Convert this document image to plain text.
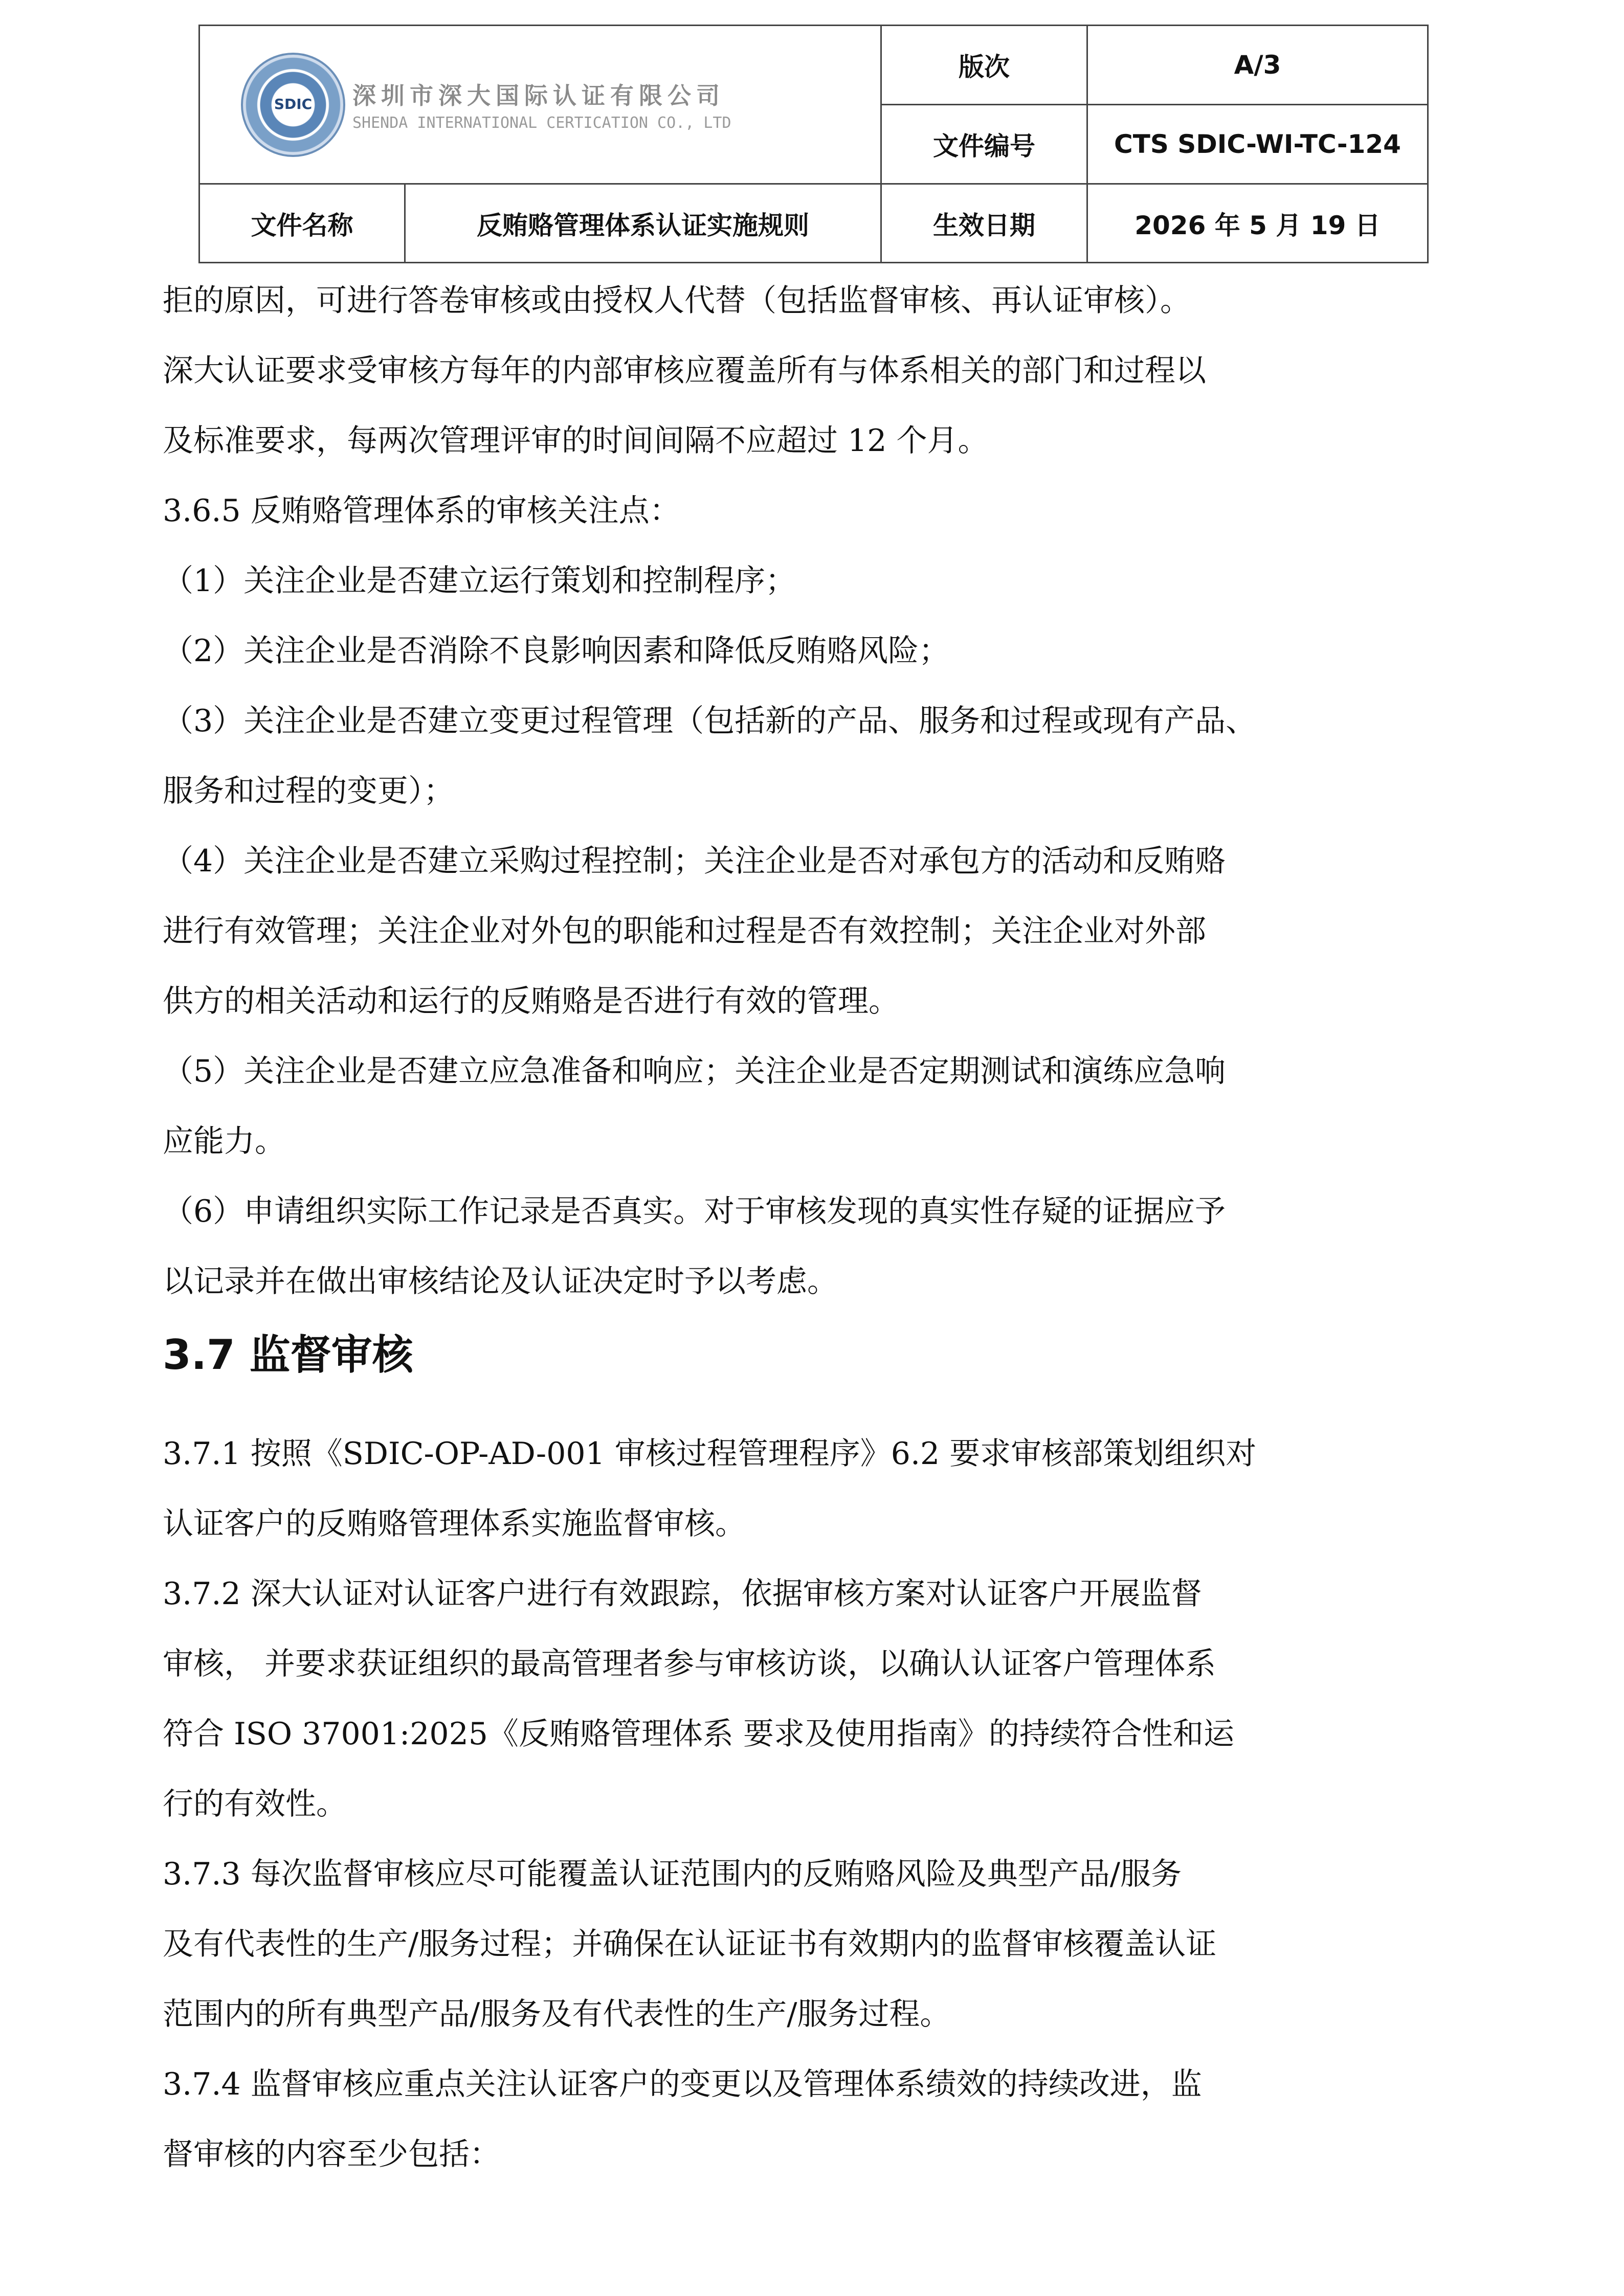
SDIC 深圳市深大国际认证有限公司
SHENDA INTERNATIONAL CERTICATION CO., LTD		版次	A/3
		文件编号	CTS SDIC-WI-TC-124
文件名称	反贿赂管理体系认证实施规则	生效日期	2026 年 5 月 19 日

拒的原因，可进行答卷审核或由授权人代替（包括监督审核、再认证审核）。

深大认证要求受审核方每年的内部审核应覆盖所有与体系相关的部门和过程以

及标准要求，每两次管理评审的时间间隔不应超过 12 个月。

3.6.5 反贿赂管理体系的审核关注点：

（1）关注企业是否建立运行策划和控制程序；

（2）关注企业是否消除不良影响因素和降低反贿赂风险；

（3）关注企业是否建立变更过程管理（包括新的产品、服务和过程或现有产品、

服务和过程的变更）；

（4）关注企业是否建立采购过程控制；关注企业是否对承包方的活动和反贿赂

进行有效管理；关注企业对外包的职能和过程是否有效控制；关注企业对外部

供方的相关活动和运行的反贿赂是否进行有效的管理。

（5）关注企业是否建立应急准备和响应；关注企业是否定期测试和演练应急响

应能力。

（6）申请组织实际工作记录是否真实。对于审核发现的真实性存疑的证据应予

以记录并在做出审核结论及认证决定时予以考虑。

3.7 监督审核

3.7.1 按照《SDIC-OP-AD-001 审核过程管理程序》6.2 要求审核部策划组织对

认证客户的反贿赂管理体系实施监督审核。

3.7.2 深大认证对认证客户进行有效跟踪，依据审核方案对认证客户开展监督

审核， 并要求获证组织的最高管理者参与审核访谈，以确认认证客户管理体系

符合 ISO 37001:2025《反贿赂管理体系 要求及使用指南》的持续符合性和运

行的有效性。

3.7.3 每次监督审核应尽可能覆盖认证范围内的反贿赂风险及典型产品/服务

及有代表性的生产/服务过程；并确保在认证证书有效期内的监督审核覆盖认证

范围内的所有典型产品/服务及有代表性的生产/服务过程。

3.7.4 监督审核应重点关注认证客户的变更以及管理体系绩效的持续改进，监

督审核的内容至少包括：
